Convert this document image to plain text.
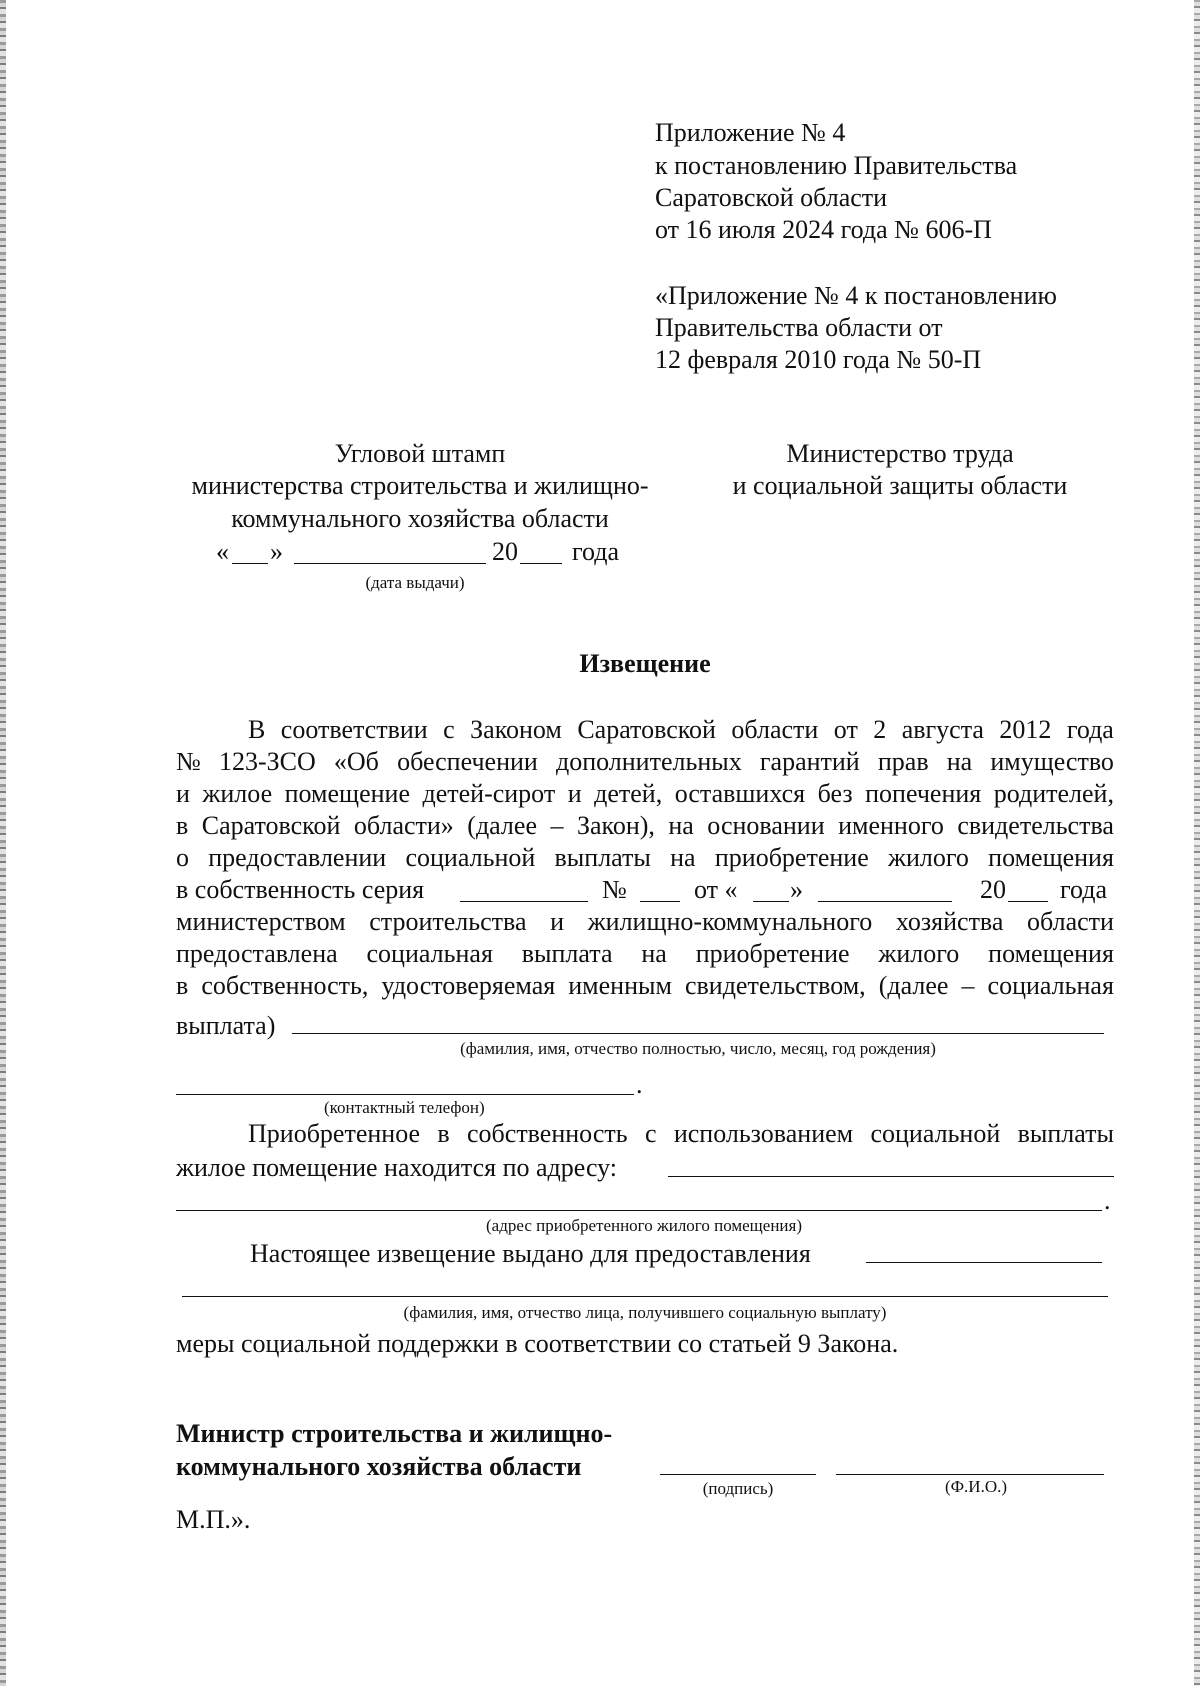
Приложение № 4
к постановлению Правительства
Саратовской области
от 16 июля 2024 года № 606-П
«Приложение № 4 к постановлению
Правительства области от
12 февраля 2010 года № 50-П
Угловой штамп
министерства строительства и жилищно-
коммунального хозяйства области
« »	20 года
(дата выдачи)
Министерство труда
и социальной защиты области
Извещение
В соответствии с Законом Саратовской области от 2 августа 2012 года
№ 123-ЗСО «Об обеспечении дополнительных гарантий прав на имущество
и жилое помещение детей-сирот и детей, оставшихся без попечения родителей,
в Саратовской области» (далее – Закон), на основании именного свидетельства
о предоставлении социальной выплаты на приобретение жилого помещения
в собственность серия	№	от « »	20 года
министерством строительства и жилищно-коммунального хозяйства области
предоставлена социальная выплата на приобретение жилого помещения
в собственность, удостоверяемая именным свидетельством, (далее – социальная
выплата)
(фамилия, имя, отчество полностью, число, месяц, год рождения)
.
(контактный телефон)
Приобретенное в собственность с использованием социальной выплаты
жилое помещение находится по адресу:
.
(адрес приобретенного жилого помещения)
Настоящее извещение выдано для предоставления
(фамилия, имя, отчество лица, получившего социальную выплату)
меры социальной поддержки в соответствии со статьей 9 Закона.
Министр строительства и жилищно-
коммунального хозяйства области
(подпись)	(Ф.И.О.)
М.П.».
